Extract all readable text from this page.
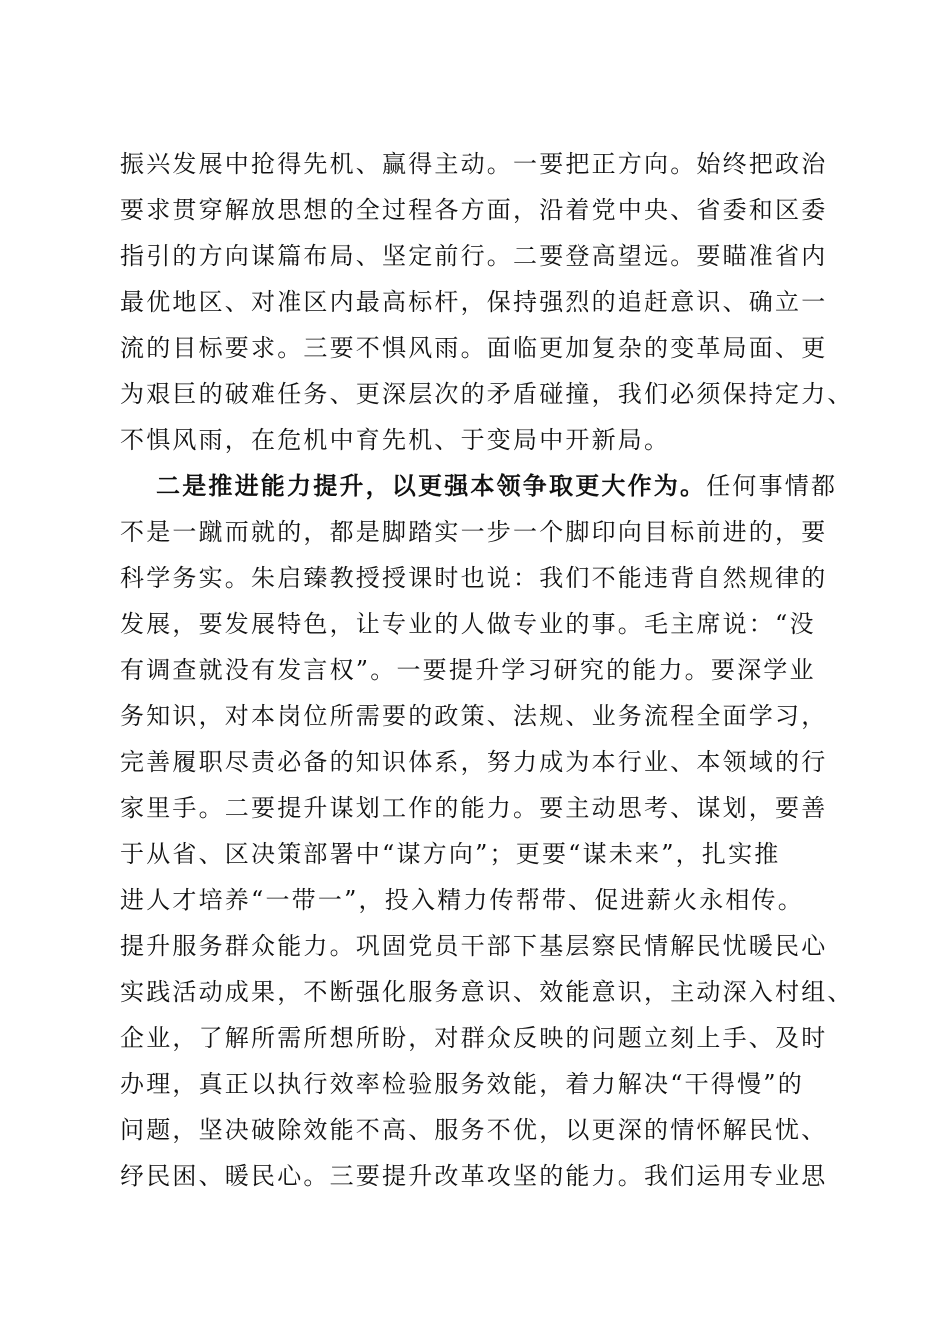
振兴发展中抢得先机、赢得主动。一要把正方向。始终把政治
要求贯穿解放思想的全过程各方面，沿着党中央、省委和区委
指引的方向谋篇布局、坚定前行。二要登高望远。要瞄准省内
最优地区、对准区内最高标杆，保持强烈的追赶意识、确立一
流的目标要求。三要不惧风雨。面临更加复杂的变革局面、更
为艰巨的破难任务、更深层次的矛盾碰撞，我们必须保持定力、
不惧风雨，在危机中育先机、于变局中开新局。
二是推进能力提升，以更强本领争取更大作为。任何事情都
不是一蹴而就的，都是脚踏实一步一个脚印向目标前进的，要
科学务实。朱启臻教授授课时也说：我们不能违背自然规律的
发展，要发展特色，让专业的人做专业的事。毛主席说：“没
有调查就没有发言权”。一要提升学习研究的能力。要深学业
务知识，对本岗位所需要的政策、法规、业务流程全面学习，
完善履职尽责必备的知识体系，努力成为本行业、本领域的行
家里手。二要提升谋划工作的能力。要主动思考、谋划，要善
于从省、区决策部署中“谋方向”；更要“谋未来”，扎实推
进人才培养“一带一”，投入精力传帮带、促进薪火永相传。
提升服务群众能力。巩固党员干部下基层察民情解民忧暖民心
实践活动成果，不断强化服务意识、效能意识，主动深入村组、
企业，了解所需所想所盼，对群众反映的问题立刻上手、及时
办理，真正以执行效率检验服务效能，着力解决“干得慢”的
问题，坚决破除效能不高、服务不优，以更深的情怀解民忧、
纾民困、暖民心。三要提升改革攻坚的能力。我们运用专业思
